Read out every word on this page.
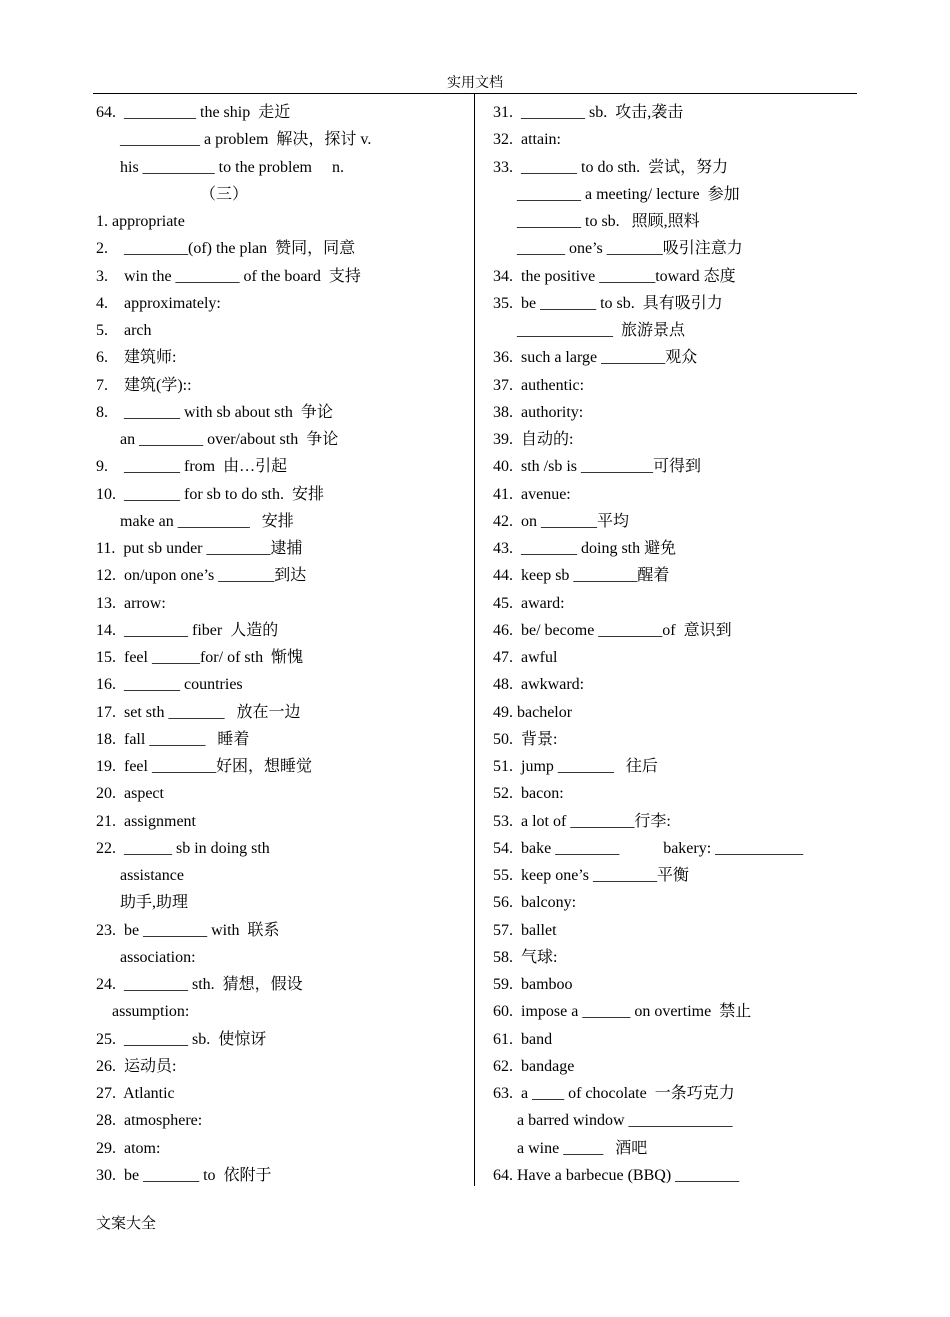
实用文档
64.  _________ the ship  走近
__________ a problem  解决，探讨 v.
his _________ to the problem     n.
（三）
1. appropriate
2.    ________(of) the plan  赞同，同意
3.    win the ________ of the board  支持
4.    approximately:
5.    arch
6.    建筑师:
7.    建筑(学)::
8.    _______ with sb about sth  争论
an ________ over/about sth  争论
9.    _______ from  由…引起
10.  _______ for sb to do sth.  安排
make an _________   安排
11.  put sb under ________逮捕
12.  on/upon one’s _______到达
13.  arrow:
14.  ________ fiber  人造的
15.  feel ______for/ of sth  惭愧
16.  _______ countries
17.  set sth _______   放在一边
18.  fall _______   睡着
19.  feel ________好困，想睡觉
20.  aspect
21.  assignment
22.  ______ sb in doing sth
assistance
助手,助理
23.  be ________ with  联系
association:
24.  ________ sth.  猜想，假设
assumption:
25.  ________ sb.  使惊讶
26.  运动员:
27.  Atlantic
28.  atmosphere:
29.  atom:
30.  be _______ to  依附于
31.  ________ sb.  攻击,袭击
32.  attain:
33.  _______ to do sth.  尝试，努力
________ a meeting/ lecture  参加
________ to sb.   照顾,照料
______ one’s _______吸引注意力
34.  the positive _______toward 态度
35.  be _______ to sb.  具有吸引力
____________  旅游景点
36.  such a large ________观众
37.  authentic:
38.  authority:
39.  自动的:
40.  sth /sb is _________可得到
41.  avenue:
42.  on _______平均
43.  _______ doing sth 避免
44.  keep sb ________醒着
45.  award:
46.  be/ become ________of  意识到
47.  awful
48.  awkward:
49. bachelor
50.  背景:
51.  jump _______   往后
52.  bacon:
53.  a lot of ________行李:
54.  bake ________           bakery: ___________
55.  keep one’s ________平衡
56.  balcony:
57.  ballet
58.  气球:
59.  bamboo
60.  impose a ______ on overtime  禁止
61.  band
62.  bandage
63.  a ____ of chocolate  一条巧克力
a barred window _____________
a wine _____   酒吧
64. Have a barbecue (BBQ) ________
文案大全
